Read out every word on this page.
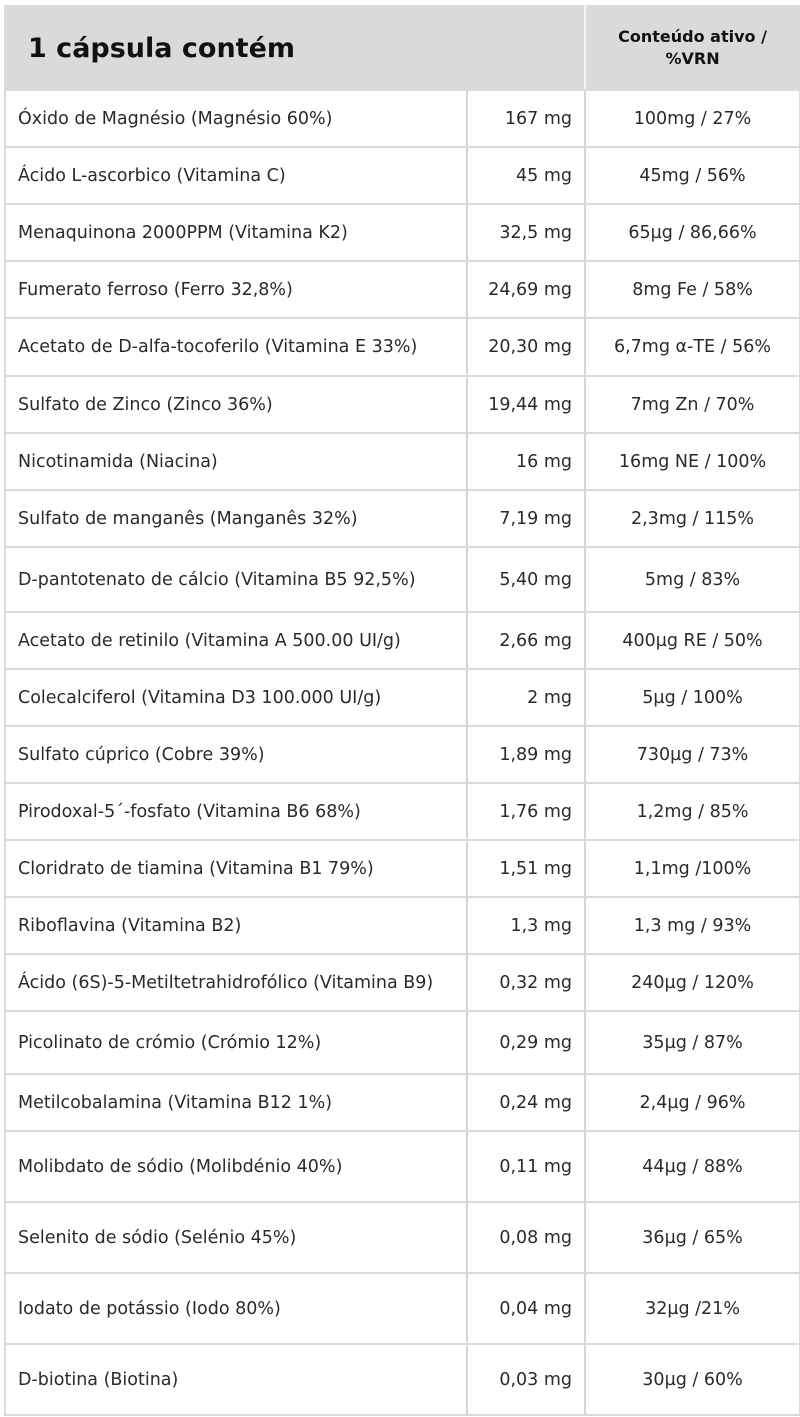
1 cápsula contém		Conteúdo ativo / %VRN
Óxido de Magnésio (Magnésio 60%)	167 mg	100mg / 27%
Ácido L-ascorbico (Vitamina C)	45 mg	45mg / 56%
Menaquinona 2000PPM (Vitamina K2)	32,5 mg	65µg / 86,66%
Fumerato ferroso (Ferro 32,8%)	24,69 mg	8mg Fe / 58%
Acetato de D-alfa-tocoferilo (Vitamina E 33%)	20,30 mg	6,7mg α-TE / 56%
Sulfato de Zinco (Zinco 36%)	19,44 mg	7mg Zn / 70%
Nicotinamida (Niacina)	16 mg	16mg NE / 100%
Sulfato de manganês (Manganês 32%)	7,19 mg	2,3mg / 115%
D-pantotenato de cálcio (Vitamina B5 92,5%)	5,40 mg	5mg / 83%
Acetato de retinilo (Vitamina A 500.00 UI/g)	2,66 mg	400µg RE / 50%
Colecalciferol (Vitamina D3 100.000 UI/g)	2 mg	5µg / 100%
Sulfato cúprico (Cobre 39%)	1,89 mg	730µg / 73%
Pirodoxal-5´-fosfato (Vitamina B6 68%)	1,76 mg	1,2mg / 85%
Cloridrato de tiamina (Vitamina B1 79%)	1,51 mg	1,1mg /100%
Riboflavina (Vitamina B2)	1,3 mg	1,3 mg / 93%
Ácido (6S)-5-Metiltetrahidrofólico (Vitamina B9)	0,32 mg	240µg / 120%
Picolinato de crómio (Crómio 12%)	0,29 mg	35µg / 87%
Metilcobalamina (Vitamina B12 1%)	0,24 mg	2,4µg / 96%
Molibdato de sódio (Molibdénio 40%)	0,11 mg	44µg / 88%
Selenito de sódio (Selénio 45%)	0,08 mg	36µg / 65%
Iodato de potássio (Iodo 80%)	0,04 mg	32µg /21%
D-biotina (Biotina)	0,03 mg	30µg / 60%
